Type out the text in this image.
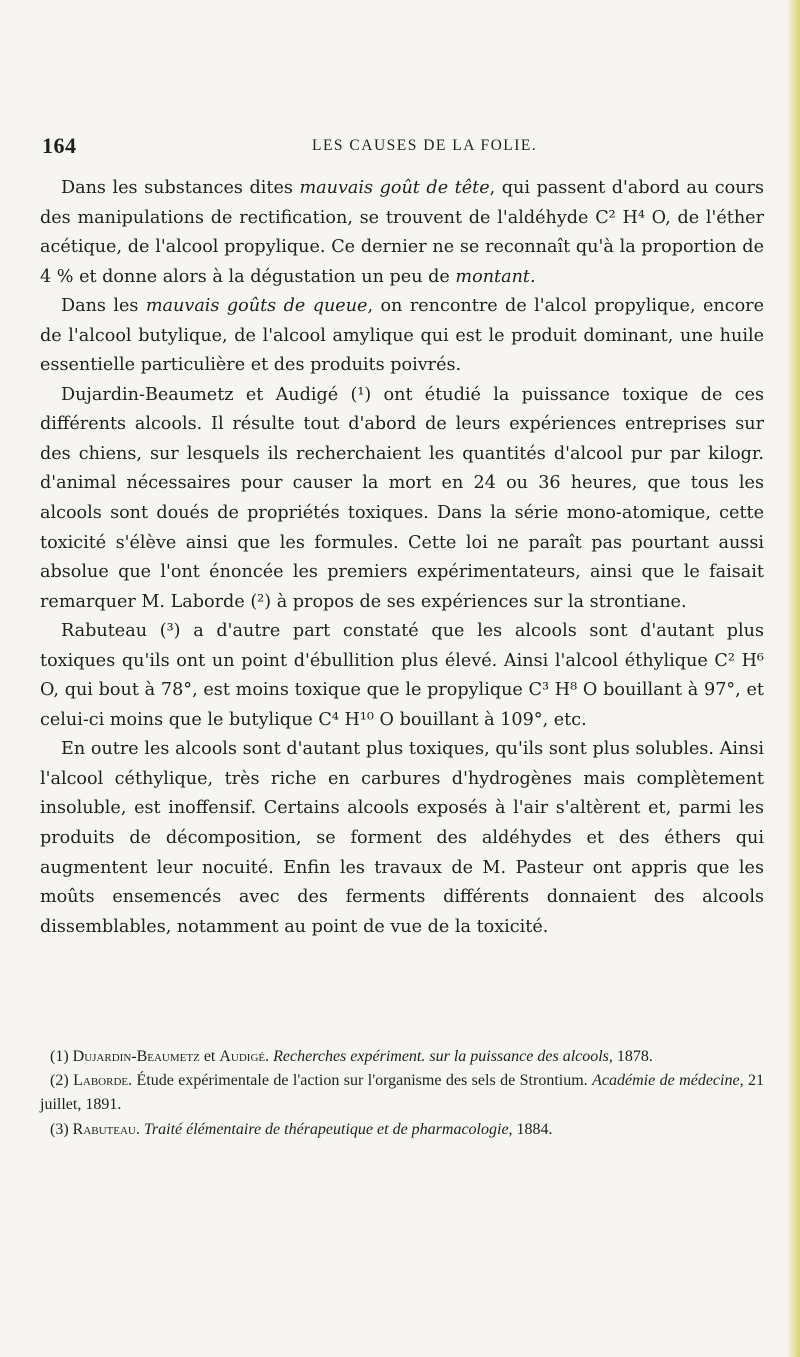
164	LES CAUSES DE LA FOLIE.

Dans les substances dites mauvais goût de tête, qui passent d'abord au cours des manipulations de rectification, se trouvent de l'aldéhyde C² H⁴ O, de l'éther acétique, de l'alcool propylique. Ce dernier ne se reconnaît qu'à la proportion de 4 % et donne alors à la dégustation un peu de montant.

Dans les mauvais goûts de queue, on rencontre de l'alcol propylique, encore de l'alcool butylique, de l'alcool amylique qui est le produit dominant, une huile essentielle particulière et des produits poivrés.

Dujardin-Beaumetz et Audigé (¹) ont étudié la puissance toxique de ces différents alcools. Il résulte tout d'abord de leurs expériences entreprises sur des chiens, sur lesquels ils recherchaient les quantités d'alcool pur par kilogr. d'animal nécessaires pour causer la mort en 24 ou 36 heures, que tous les alcools sont doués de propriétés toxiques. Dans la série mono-atomique, cette toxicité s'élève ainsi que les formules. Cette loi ne paraît pas pourtant aussi absolue que l'ont énoncée les premiers expérimentateurs, ainsi que le faisait remarquer M. Laborde (²) à propos de ses expériences sur la strontiane.

Rabuteau (³) a d'autre part constaté que les alcools sont d'autant plus toxiques qu'ils ont un point d'ébullition plus élevé. Ainsi l'alcool éthylique C² H⁶ O, qui bout à 78°, est moins toxique que le propylique C³ H⁸ O bouillant à 97°, et celui-ci moins que le butylique C⁴ H¹⁰ O bouillant à 109°, etc.

En outre les alcools sont d'autant plus toxiques, qu'ils sont plus solubles. Ainsi l'alcool céthylique, très riche en carbures d'hydrogènes mais complètement insoluble, est inoffensif. Certains alcools exposés à l'air s'altèrent et, parmi les produits de décomposition, se forment des aldéhydes et des éthers qui augmentent leur nocuité. Enfin les travaux de M. Pasteur ont appris que les moûts ensemencés avec des ferments différents donnaient des alcools dissemblables, notamment au point de vue de la toxicité.

(1) Dujardin-Beaumetz et Audigé. Recherches expériment. sur la puissance des alcools, 1878.

(2) Laborde. Étude expérimentale de l'action sur l'organisme des sels de Strontium. Académie de médecine, 21 juillet, 1891.

(3) Rabuteau. Traité élémentaire de thérapeutique et de pharmacologie, 1884.
